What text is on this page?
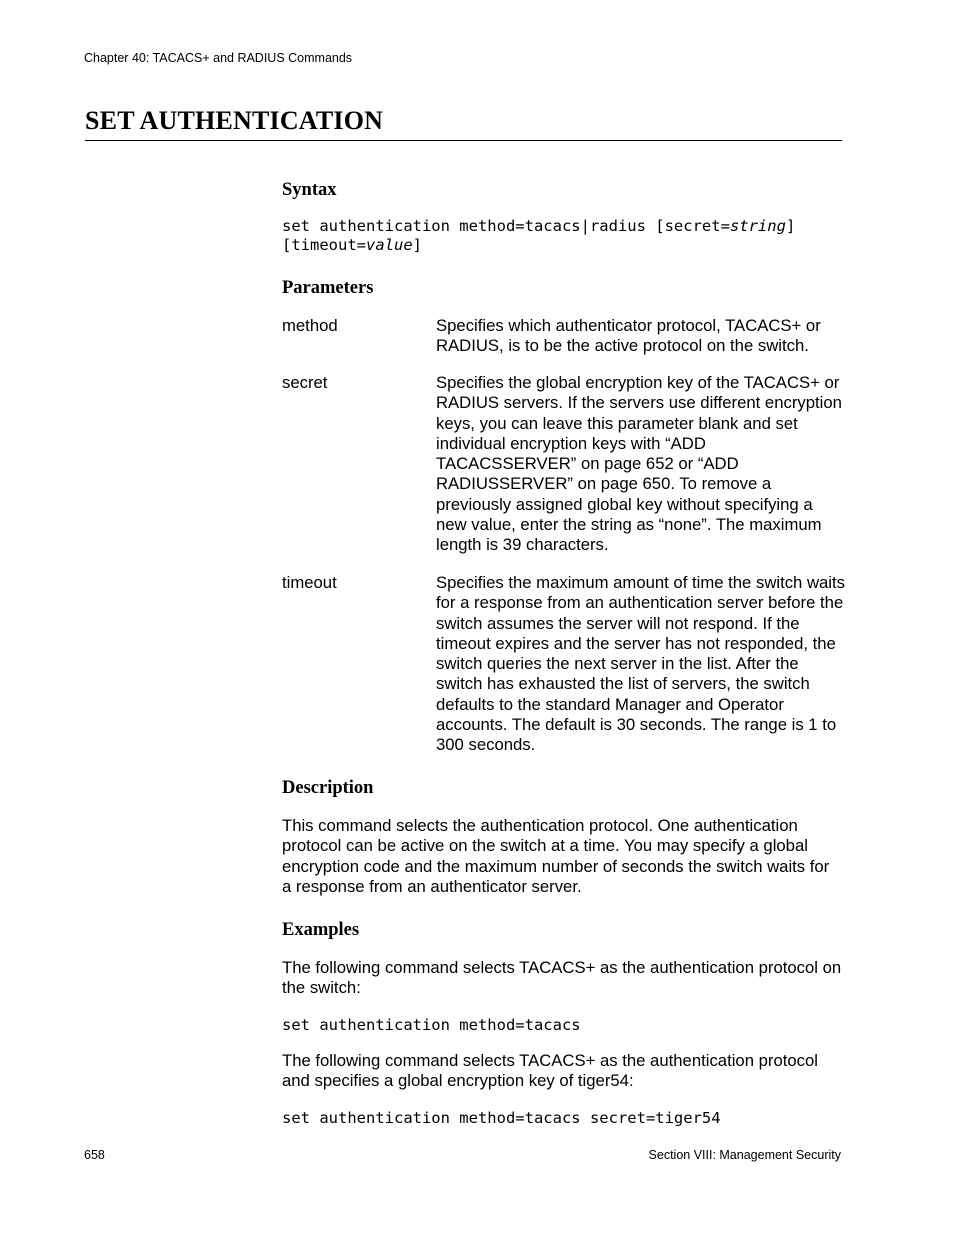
Chapter 40: TACACS+ and RADIUS Commands
SET AUTHENTICATION
Syntax
set authentication method=tacacs|radius [secret=string]
[timeout=value]
Parameters
method	Specifies which authenticator protocol, TACACS+ or RADIUS, is to be the active protocol on the switch.

secret	Specifies the global encryption key of the TACACS+ or RADIUS servers. If the servers use different encryption keys, you can leave this parameter blank and set individual encryption keys with “ADD TACACSSERVER” on page 652 or “ADD RADIUSSERVER” on page 650. To remove a previously assigned global key without specifying a new value, enter the string as “none”. The maximum length is 39 characters.

timeout	Specifies the maximum amount of time the switch waits for a response from an authentication server before the switch assumes the server will not respond. If the timeout expires and the server has not responded, the switch queries the next server in the list. After the switch has exhausted the list of servers, the switch defaults to the standard Manager and Operator accounts. The default is 30 seconds. The range is 1 to 300 seconds.

Description

This command selects the authentication protocol. One authentication protocol can be active on the switch at a time. You may specify a global encryption code and the maximum number of seconds the switch waits for a response from an authenticator server.

Examples

The following command selects TACACS+ as the authentication protocol on the switch:

set authentication method=tacacs

The following command selects TACACS+ as the authentication protocol and specifies a global encryption key of tiger54:

set authentication method=tacacs secret=tiger54
658	Section VIII: Management Security
